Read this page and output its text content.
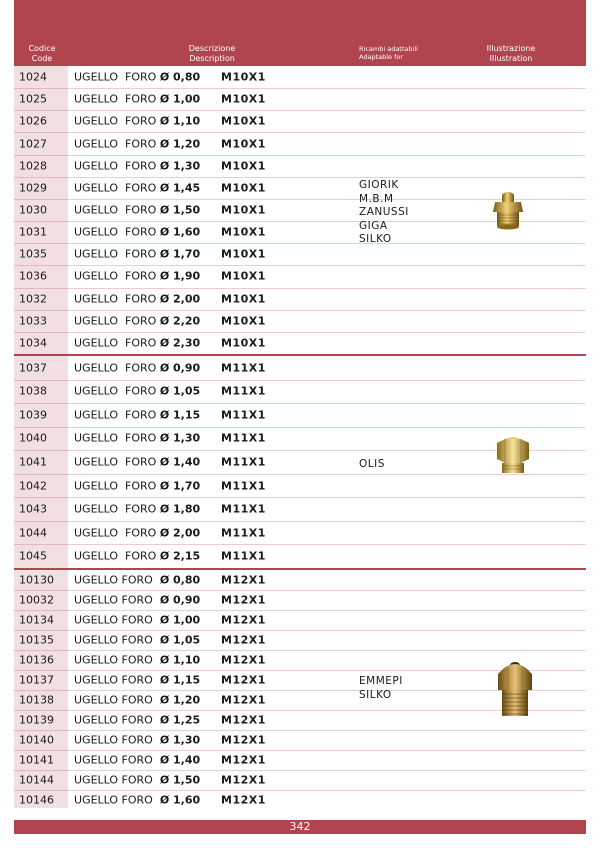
Codice
Code
Descrizione
Description
Ricambi adattabili
Adaptable for
Illustrazione
Illustration
1024 UGELLO  FORO Ø 0,80 M10X1
1025 UGELLO  FORO Ø 1,00 M10X1
1026 UGELLO  FORO Ø 1,10 M10X1
1027 UGELLO  FORO Ø 1,20 M10X1
1028 UGELLO  FORO Ø 1,30 M10X1
1029 UGELLO  FORO Ø 1,45 M10X1
1030 UGELLO  FORO Ø 1,50 M10X1
1031 UGELLO  FORO Ø 1,60 M10X1
1035 UGELLO  FORO Ø 1,70 M10X1
1036 UGELLO  FORO Ø 1,90 M10X1
1032 UGELLO  FORO Ø 2,00 M10X1
1033 UGELLO  FORO Ø 2,20 M10X1
1034 UGELLO  FORO Ø 2,30 M10X1
GIORIK
M.B.M
ZANUSSI
GIGA
SILKO
1037 UGELLO  FORO Ø 0,90 M11X1
1038 UGELLO  FORO Ø 1,05 M11X1
1039 UGELLO  FORO Ø 1,15 M11X1
1040 UGELLO  FORO Ø 1,30 M11X1
1041 UGELLO  FORO Ø 1,40 M11X1
1042 UGELLO  FORO Ø 1,70 M11X1
1043 UGELLO  FORO Ø 1,80 M11X1
1044 UGELLO  FORO Ø 2,00 M11X1
1045 UGELLO  FORO Ø 2,15 M11X1
OLIS
10130 UGELLO FORO  Ø 0,80 M12X1
10032 UGELLO FORO  Ø 0,90 M12X1
10134 UGELLO FORO  Ø 1,00 M12X1
10135 UGELLO FORO  Ø 1,05 M12X1
10136 UGELLO FORO  Ø 1,10 M12X1
10137 UGELLO FORO  Ø 1,15 M12X1
10138 UGELLO FORO  Ø 1,20 M12X1
10139 UGELLO FORO  Ø 1,25 M12X1
10140 UGELLO FORO  Ø 1,30 M12X1
10141 UGELLO FORO  Ø 1,40 M12X1
10144 UGELLO FORO  Ø 1,50 M12X1
10146 UGELLO FORO  Ø 1,60 M12X1
EMMEPI
SILKO
342
